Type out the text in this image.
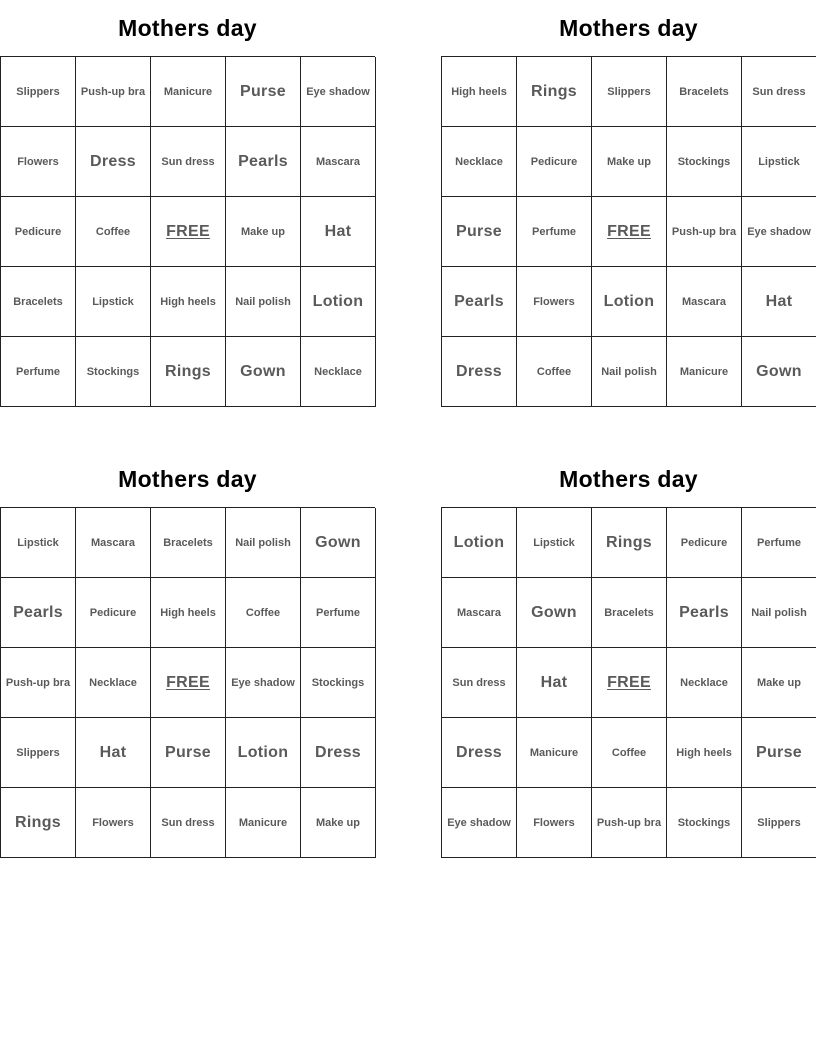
Mothers day
Slippers	Push-up bra	Manicure	Purse	Eye shadow
Flowers	Dress	Sun dress	Pearls	Mascara
Pedicure	Coffee	FREE	Make up	Hat
Bracelets	Lipstick	High heels	Nail polish	Lotion
Perfume	Stockings	Rings	Gown	Necklace
Mothers day
High heels	Rings	Slippers	Bracelets	Sun dress
Necklace	Pedicure	Make up	Stockings	Lipstick
Purse	Perfume	FREE	Push-up bra	Eye shadow
Pearls	Flowers	Lotion	Mascara	Hat
Dress	Coffee	Nail polish	Manicure	Gown
Mothers day
Lipstick	Mascara	Bracelets	Nail polish	Gown
Pearls	Pedicure	High heels	Coffee	Perfume
Push-up bra	Necklace	FREE	Eye shadow	Stockings
Slippers	Hat	Purse	Lotion	Dress
Rings	Flowers	Sun dress	Manicure	Make up
Mothers day
Lotion	Lipstick	Rings	Pedicure	Perfume
Mascara	Gown	Bracelets	Pearls	Nail polish
Sun dress	Hat	FREE	Necklace	Make up
Dress	Manicure	Coffee	High heels	Purse
Eye shadow	Flowers	Push-up bra	Stockings	Slippers
